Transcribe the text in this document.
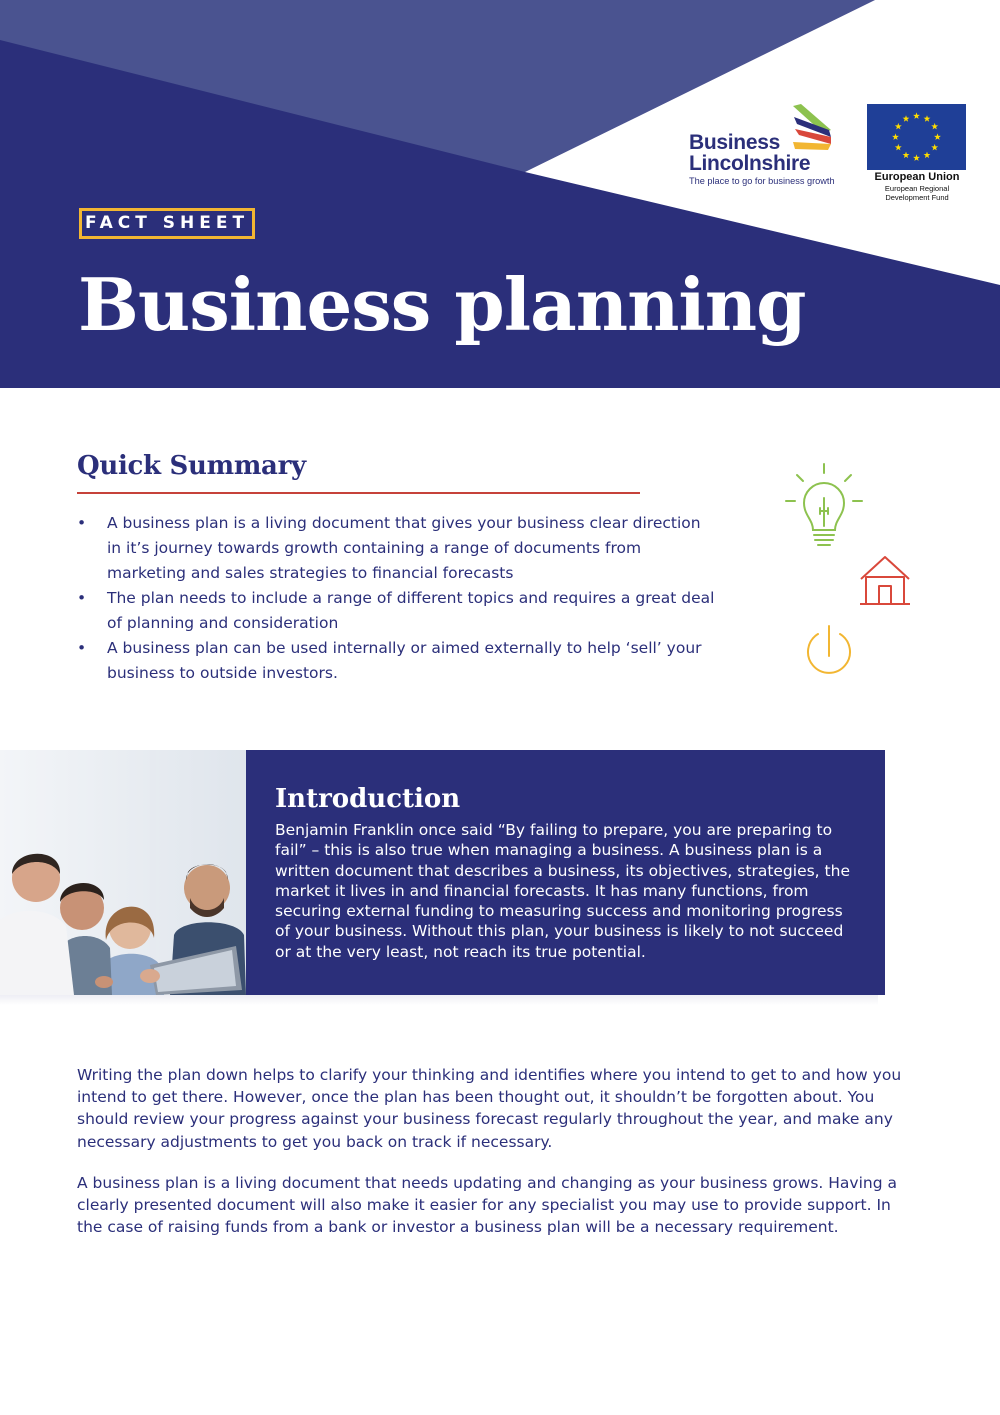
FACT SHEET
Business planning
Business
Lincolnshire
The place to go for business growth	European Union
European Regional
Development Fund
Quick Summary
• A business plan is a living document that gives your business clear direction in it’s journey towards growth containing a range of documents from marketing and sales strategies to financial forecasts
• The plan needs to include a range of different topics and requires a great deal of planning and consideration
• A business plan can be used internally or aimed externally to help ‘sell’ your business to outside investors.
Introduction

Benjamin Franklin once said “By failing to prepare, you are preparing to fail” – this is also true when managing a business. A business plan is a written document that describes a business, its objectives, strategies, the market it lives in and financial forecasts. It has many functions, from securing external funding to measuring success and monitoring progress of your business. Without this plan, your business is likely to not succeed or at the very least, not reach its true potential.

Writing the plan down helps to clarify your thinking and identifies where you intend to get to and how you intend to get there. However, once the plan has been thought out, it shouldn’t be forgotten about. You should review your progress against your business forecast regularly throughout the year, and make any necessary adjustments to get you back on track if necessary.

A business plan is a living document that needs updating and changing as your business grows. Having a clearly presented document will also make it easier for any specialist you may use to provide support. In the case of raising funds from a bank or investor a business plan will be a necessary requirement.
